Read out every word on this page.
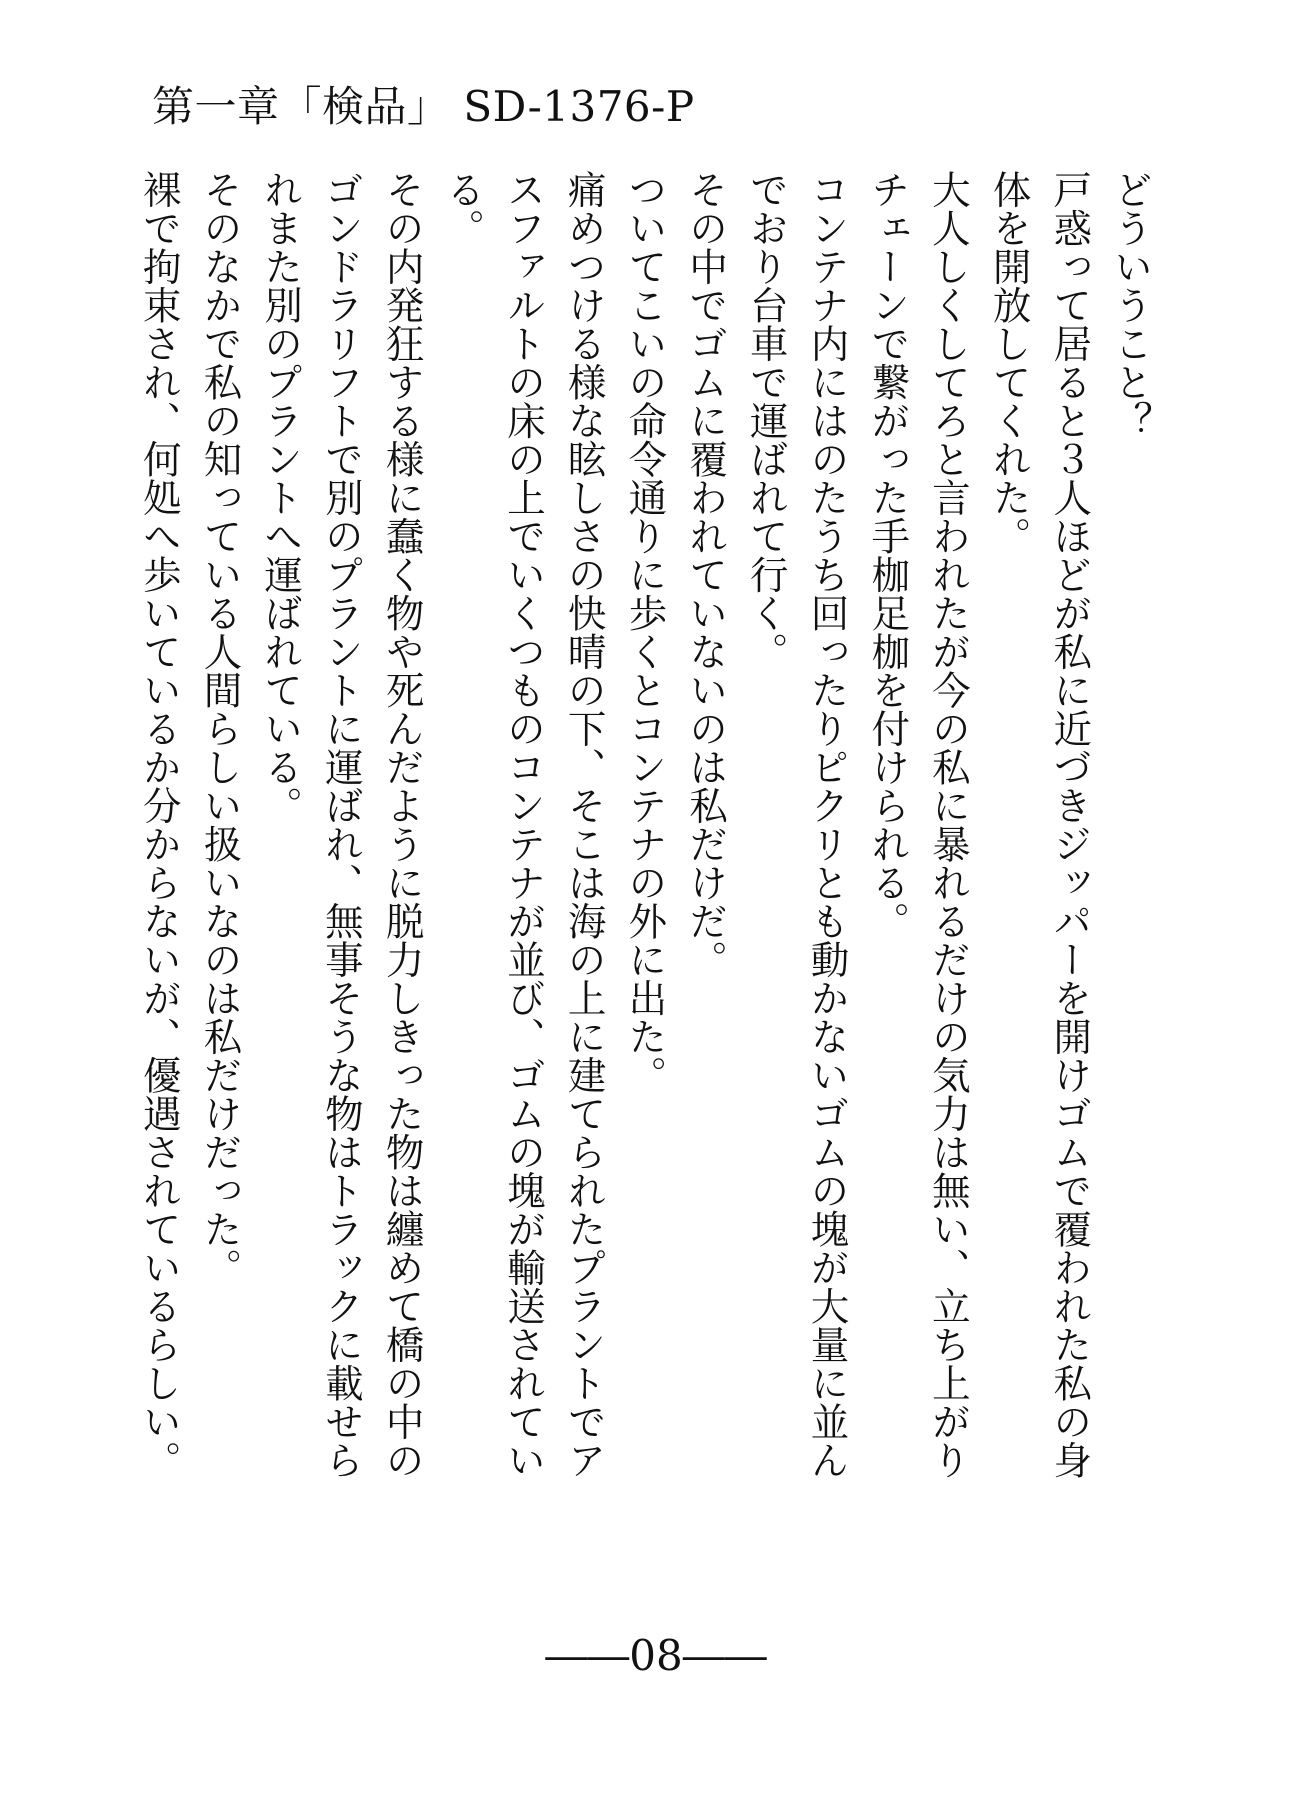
第一章「検品」 SD-1376-P

どういうこと？

戸惑って居ると３人ほどが私に近づきジッパーを開けゴムで覆われた私の身体を開放してくれた。

大人しくしてろと言われたが今の私に暴れるだけの気力は無い、立ち上がりチェーンで繋がった手枷足枷を付けられる。

コンテナ内にはのたうち回ったりピクリとも動かないゴムの塊が大量に並んでおり台車で運ばれて行く。

その中でゴムに覆われていないのは私だけだ。

ついてこいの命令通りに歩くとコンテナの外に出た。

痛めつける様な眩しさの快晴の下、そこは海の上に建てられたプラントでアスファルトの床の上でいくつものコンテナが並び、ゴムの塊が輸送されている。

その内発狂する様に蠢く物や死んだように脱力しきった物は纏めて橋の中のゴンドラリフトで別のプラントに運ばれ、無事そうな物はトラックに載せられまた別のプラントへ運ばれている。

そのなかで私の知っている人間らしい扱いなのは私だけだった。

裸で拘束され、何処へ歩いているか分からないが、優遇されているらしい。

――08――
